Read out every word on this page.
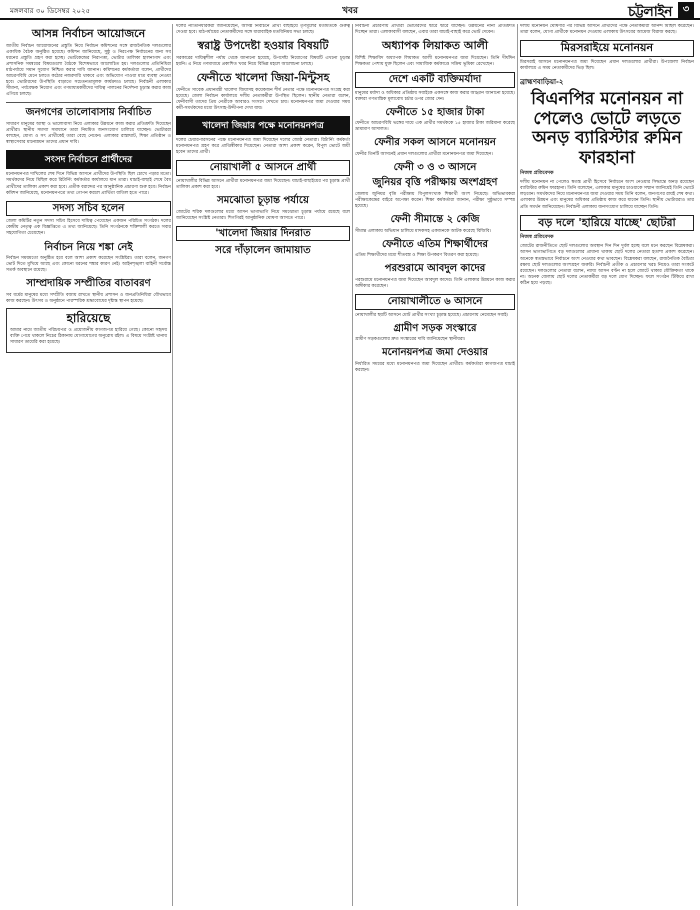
মঙ্গলবার ৩০ ডিসেম্বর ২০২৫	খবর	চট্টলাইন	৩
আসন্ন নির্বাচন আয়োজনে

জাতীয় নির্বাচন আয়োজনের প্রস্তুতি নিয়ে নির্বাচন কমিশনের সঙ্গে রাজনৈতিক দলগুলোর একাধিক বৈঠক অনুষ্ঠিত হয়েছে। কমিশন জানিয়েছে, সুষ্ঠু ও নিরপেক্ষ নির্বাচনের জন্য সব ধরনের প্রস্তুতি গ্রহণ করা হচ্ছে। ভোটকেন্দ্রের নিরাপত্তা, ভোটার তালিকা হালনাগাদ এবং প্রশাসনিক সমন্বয়ের বিষয়গুলো বৈঠকে বিশেষভাবে আলোচিত হয়। দলগুলোর প্রতিনিধিরা মাঠপর্যায়ে সমান সুযোগ নিশ্চিত করার দাবি জানান। কমিশনের কর্মকর্তারা বলেন, প্রার্থীদের আচরণবিধি মেনে চলতে কঠোর নজরদারি থাকবে এবং অভিযোগ পাওয়া মাত্র ব্যবস্থা নেওয়া হবে। ভোটারদের উপস্থিতি বাড়াতে সচেতনতামূলক কার্যক্রমও চলছে। নির্বাচনী এলাকার সীমানা, পর্যবেক্ষক নিয়োগ এবং গণমাধ্যমকর্মীদের দায়িত্ব পালনের নির্দেশনা চূড়ান্ত করার কাজ এগিয়ে চলছে।

জনগণের তালোবাসায় নির্বাচিত

সাধারণ মানুষের আস্থা ও ভালোবাসা নিয়ে এলাকার উন্নয়নে কাজ করার প্রতিশ্রুতি দিয়েছেন প্রার্থীরা। স্থানীয় সমস্যা সমাধানে তারা নিয়মিত জনসংযোগ চালিয়ে যাচ্ছেন। ভোটাররা বলছেন, যোগ্য ও সৎ প্রার্থীকেই তারা বেছে নেবেন। এলাকার রাস্তাঘাট, শিক্ষা প্রতিষ্ঠান ও স্বাস্থ্যসেবার মানোন্নয়ন তাদের প্রধান দাবি।

সংসদ নির্বাচনে প্রার্থীদের

মনোনয়নপত্র দাখিলের শেষ দিনে বিভিন্ন আসনে প্রার্থীদের উপস্থিতি ছিল চোখে পড়ার মতো। সমর্থকদের নিয়ে মিছিল করে রিটার্নিং কর্মকর্তার কার্যালয়ে যান তারা। যাচাই-বাছাই শেষে বৈধ প্রার্থীদের তালিকা প্রকাশ করা হবে। প্রতীক বরাদ্দের পর আনুষ্ঠানিক প্রচারণা শুরু হবে। নির্বাচন কমিশন জানিয়েছে, মনোনয়নপত্রে তথ্য গোপন করলে প্রার্থিতা বাতিল হতে পারে।

সদস্য সচিব হলেন

জেলা কমিটির নতুন সদস্য সচিব হিসেবে দায়িত্ব পেয়েছেন একজন পরিচিত সংগঠক। দলের কেন্দ্রীয় নেতৃত্ব এক বিজ্ঞপ্তিতে এ তথ্য জানিয়েছে। তিনি সংগঠনকে শক্তিশালী করতে সবার সহযোগিতা চেয়েছেন।

নির্বাচন নিয়ে শঙ্কা নেই

নির্বাচন সময়মতো অনুষ্ঠিত হবে বলে আশা প্রকাশ করেছেন সংশ্লিষ্টরা। তারা বলেন, জনগণ ভোট দিতে মুখিয়ে আছে এবং কোনো ধরনের শঙ্কার কারণ নেই। আইনশৃঙ্খলা বাহিনী সর্বোচ্চ সতর্ক অবস্থানে রয়েছে।

সাম্প্রদায়িক সম্প্রীতির বাতাবরণ

সব ধর্মের মানুষের মধ্যে সম্প্রীতি বজায় রাখতে স্থানীয় প্রশাসন ও জনপ্রতিনিধিরা যৌথভাবে কাজ করছেন। উৎসব ও অনুষ্ঠানে পারস্পরিক শ্রদ্ধাবোধের দৃষ্টান্ত স্থাপন হয়েছে।

হারিয়েছে

আমার নামে জাতীয় পরিচয়পত্র ও প্রয়োজনীয় কাগজপত্র হারিয়ে গেছে। কোনো সহৃদয় ব্যক্তি পেয়ে থাকলে নিচের ঠিকানায় যোগাযোগের অনুরোধ রইল। এ বিষয়ে সংশ্লিষ্ট থানায় সাধারণ ডায়েরি করা হয়েছে।

দলের নীতিনির্ধারকরা জানিয়েছেন, আসন্ন নির্বাচনে প্রার্থী বাছাইয়ে তৃণমূলের মতামতকে গুরুত্ব দেওয়া হবে। মাঠপর্যায়ের নেতাকর্মীদের সঙ্গে ধারাবাহিক মতবিনিময় সভা চলছে।

স্বরাষ্ট্র উপদেষ্টা হওয়ার বিষয়টি

সরকারের দায়িত্বশীল পর্যায় থেকে জানানো হয়েছে, উপদেষ্টা নিয়োগের বিষয়টি এখনো চূড়ান্ত হয়নি। এ নিয়ে গণমাধ্যমে প্রকাশিত খবর নিয়ে বিভিন্ন মহলে আলোচনা চলছে।

ফেনীতে খালেদা জিয়া-মিন্টুসহ

ফেনীতে সাবেক প্রধানমন্ত্রী খালেদা জিয়াসহ কয়েকজন শীর্ষ নেতার পক্ষে মনোনয়নপত্র সংগ্রহ করা হয়েছে। জেলা নির্বাচন কার্যালয়ে দলীয় নেতাকর্মীরা উপস্থিত ছিলেন। স্থানীয় নেতারা বলেন, ফেনীবাসী তাদের প্রিয় নেত্রীকে আবারও সংসদে দেখতে চায়। মনোনয়নপত্র জমা দেওয়ার সময় কর্মী-সমর্থকদের মধ্যে উৎসাহ-উদ্দীপনা দেখা যায়।

খালেদা জিয়ার পক্ষে মনোনয়নপত্র

দলের চেয়ারপারসনের পক্ষে মনোনয়নপত্র জমা দিয়েছেন দলের জ্যেষ্ঠ নেতারা। রিটার্নিং কর্মকর্তা মনোনয়নপত্র গ্রহণ করে প্রাপ্তিস্বীকার দিয়েছেন। নেতারা আশা প্রকাশ করেন, বিপুল ভোটে জয়ী হবেন তাদের প্রার্থী।

নোয়াখালী ৫ আসনে প্রার্থী

নোয়াখালীর বিভিন্ন আসনে প্রার্থীরা মনোনয়নপত্র জমা দিয়েছেন। যাচাই-বাছাইয়ের পর চূড়ান্ত প্রার্থী তালিকা প্রকাশ করা হবে।

সমঝোতা চূড়ান্ত পর্যায়ে

জোটের শরিক দলগুলোর মধ্যে আসন ভাগাভাগি নিয়ে সমঝোতা চূড়ান্ত পর্যায়ে রয়েছে বলে জানিয়েছেন সংশ্লিষ্ট নেতারা। শিগগিরই আনুষ্ঠানিক ঘোষণা আসতে পারে।

'খালেদা জিয়ার দিনরাত
সরে দাঁড়ালেন জামায়াত

নির্বাচনী প্রচারণায় প্রার্থীরা ভোটারদের দ্বারে দ্বারে যাচ্ছেন। উন্নয়নের নানা প্রতিশ্রুতি দিচ্ছেন তারা। এলাকাবাসী বলছেন, এবার তারা যাচাই-বাছাই করে ভোট দেবেন।

অধ্যাপক লিয়াকত আলী

বিশিষ্ট শিক্ষাবিদ অধ্যাপক লিয়াকত আলী মনোনয়নপত্র জমা দিয়েছেন। তিনি দীর্ঘদিন শিক্ষকতা পেশায় যুক্ত ছিলেন এবং সামাজিক কর্মকাণ্ডে সক্রিয় ভূমিকা রেখেছেন।

দেশে একটি ব্যক্তিমর্যাদা

মানুষের মর্যাদা ও অধিকার প্রতিষ্ঠায় সবাইকে একসঙ্গে কাজ করার আহ্বান জানানো হয়েছে। বক্তারা গণতান্ত্রিক মূল্যবোধ চর্চার ওপর জোর দেন।

ফেনীতে ১৫ হাজার টাকা

ফেনীতে আচরণবিধি ভঙ্গের দায়ে এক প্রার্থীর সমর্থককে ১৫ হাজার টাকা জরিমানা করেছে ভ্রাম্যমাণ আদালত।

ফেনীর সকল আসনে মনোনয়ন

ফেনীর তিনটি আসনেই প্রধান দলগুলোর প্রার্থীরা মনোনয়নপত্র জমা দিয়েছেন।

ফেনী ৩ ও ৩ আসনে
জুনিয়র বৃত্তি পরীক্ষায় অংশগ্রহণ

জেলায় জুনিয়র বৃত্তি পরীক্ষায় বিপুলসংখ্যক শিক্ষার্থী অংশ নিয়েছে। অভিভাবকরা পরীক্ষাকেন্দ্রের বাইরে অপেক্ষা করেন। শিক্ষা কর্মকর্তারা জানান, পরীক্ষা সুষ্ঠুভাবে সম্পন্ন হয়েছে।

ফেনী সীমান্তে ২ কেজি

সীমান্ত এলাকায় অভিযান চালিয়ে মাদকসহ একজনকে আটক করেছে বিজিবি।

ফেনীতে এতিম শিক্ষার্থীদের

এতিম শিক্ষার্থীদের মধ্যে শীতবস্ত্র ও শিক্ষা উপকরণ বিতরণ করা হয়েছে।

পরশুরামে আবদুল কাদের

পরশুরামে মনোনয়নপত্র জমা দিয়েছেন আবদুল কাদের। তিনি এলাকার উন্নয়নে কাজ করার অঙ্গীকার করেছেন।

নোয়াখালীতে ৬ আসনে

নোয়াখালীর ছয়টি আসনে মোট প্রার্থীর সংখ্যা চূড়ান্ত হয়েছে। প্রচারণায় নেমেছেন সবাই।

গ্রামীণ সড়ক সংস্কারে

গ্রামীণ সড়কগুলোর দ্রুত সংস্কারের দাবি জানিয়েছেন স্থানীয়রা।

মনোনয়নপত্র জমা দেওয়ার

নির্ধারিত সময়ের মধ্যে মনোনয়নপত্র জমা দিয়েছেন প্রার্থীরা। কর্মকর্তারা কাগজপত্র যাচাই করছেন।

দলীয় মনোনয়ন ঘোষণার পর বিভিন্ন আসনে প্রার্থীদের পক্ষে নেতাকর্মীরা আনন্দ মিছিল করেছেন। তারা বলেন, যোগ্য প্রার্থীকে মনোনয়ন দেওয়ায় এলাকায় উৎসবের আমেজ বিরাজ করছে।

মিরসরাইয়ে মনোনয়ন

মিরসরাই আসনে মনোনয়নপত্র জমা দিয়েছেন প্রধান দলগুলোর প্রার্থীরা। উপজেলা নির্বাচন কার্যালয়ে এ সময় নেতাকর্মীদের ভিড় ছিল।

ব্রাহ্মণবাড়িয়া-২
বিএনপির মনোনয়ন না পেলেও ভোটে লড়তে অনড় ব্যারিস্টার রুমিন ফারহানা
নিজস্ব প্রতিবেদক

দলীয় মনোনয়ন না পেলেও স্বতন্ত্র প্রার্থী হিসেবে নির্বাচনে অংশ নেওয়ার সিদ্ধান্তে অনড় রয়েছেন ব্যারিস্টার রুমিন ফারহানা। তিনি বলেছেন, এলাকার মানুষের চাওয়াকে সম্মান জানিয়েই তিনি ভোটে লড়বেন। সমর্থকদের নিয়ে মনোনয়নপত্র জমা দেওয়ার সময় তিনি বলেন, জনগণের রায়ই শেষ কথা। এলাকার উন্নয়ন এবং মানুষের অধিকার প্রতিষ্ঠায় কাজ করে যাবেন তিনি। স্থানীয় ভোটাররাও তার প্রতি সমর্থন জানিয়েছেন। নির্বাচনী এলাকায় জনসংযোগ চালিয়ে যাচ্ছেন তিনি।

বড় দলে 'হারিয়ে যাচ্ছে' ছোটরা
নিজস্ব প্রতিবেদক

জোটের রাজনীতিতে ছোট দলগুলোর অবস্থান দিন দিন দুর্বল হচ্ছে বলে মনে করছেন বিশ্লেষকরা। আসন ভাগাভাগিতে বড় দলগুলোর প্রাধান্য থাকায় ছোট দলের নেতারা হতাশা প্রকাশ করেছেন। অনেকে স্বতন্ত্রভাবে নির্বাচনে অংশ নেওয়ার কথা ভাবছেন। বিশ্লেষকরা বলছেন, রাজনৈতিক বৈচিত্র্য রক্ষায় ছোট দলগুলোর অংশগ্রহণ জরুরি। নির্বাচনী প্রতীক ও প্রচারণার খরচ নিয়েও তারা সংকটে রয়েছেন। দলগুলোর নেতারা বলেন, ন্যায্য আসন বণ্টন না হলে জোটে থাকার যৌক্তিকতা থাকে না। অনেক জেলায় ছোট দলের নেতাকর্মীরা বড় দলে যোগ দিচ্ছেন। ফলে সংগঠন টিকিয়ে রাখা কঠিন হয়ে পড়ছে।
